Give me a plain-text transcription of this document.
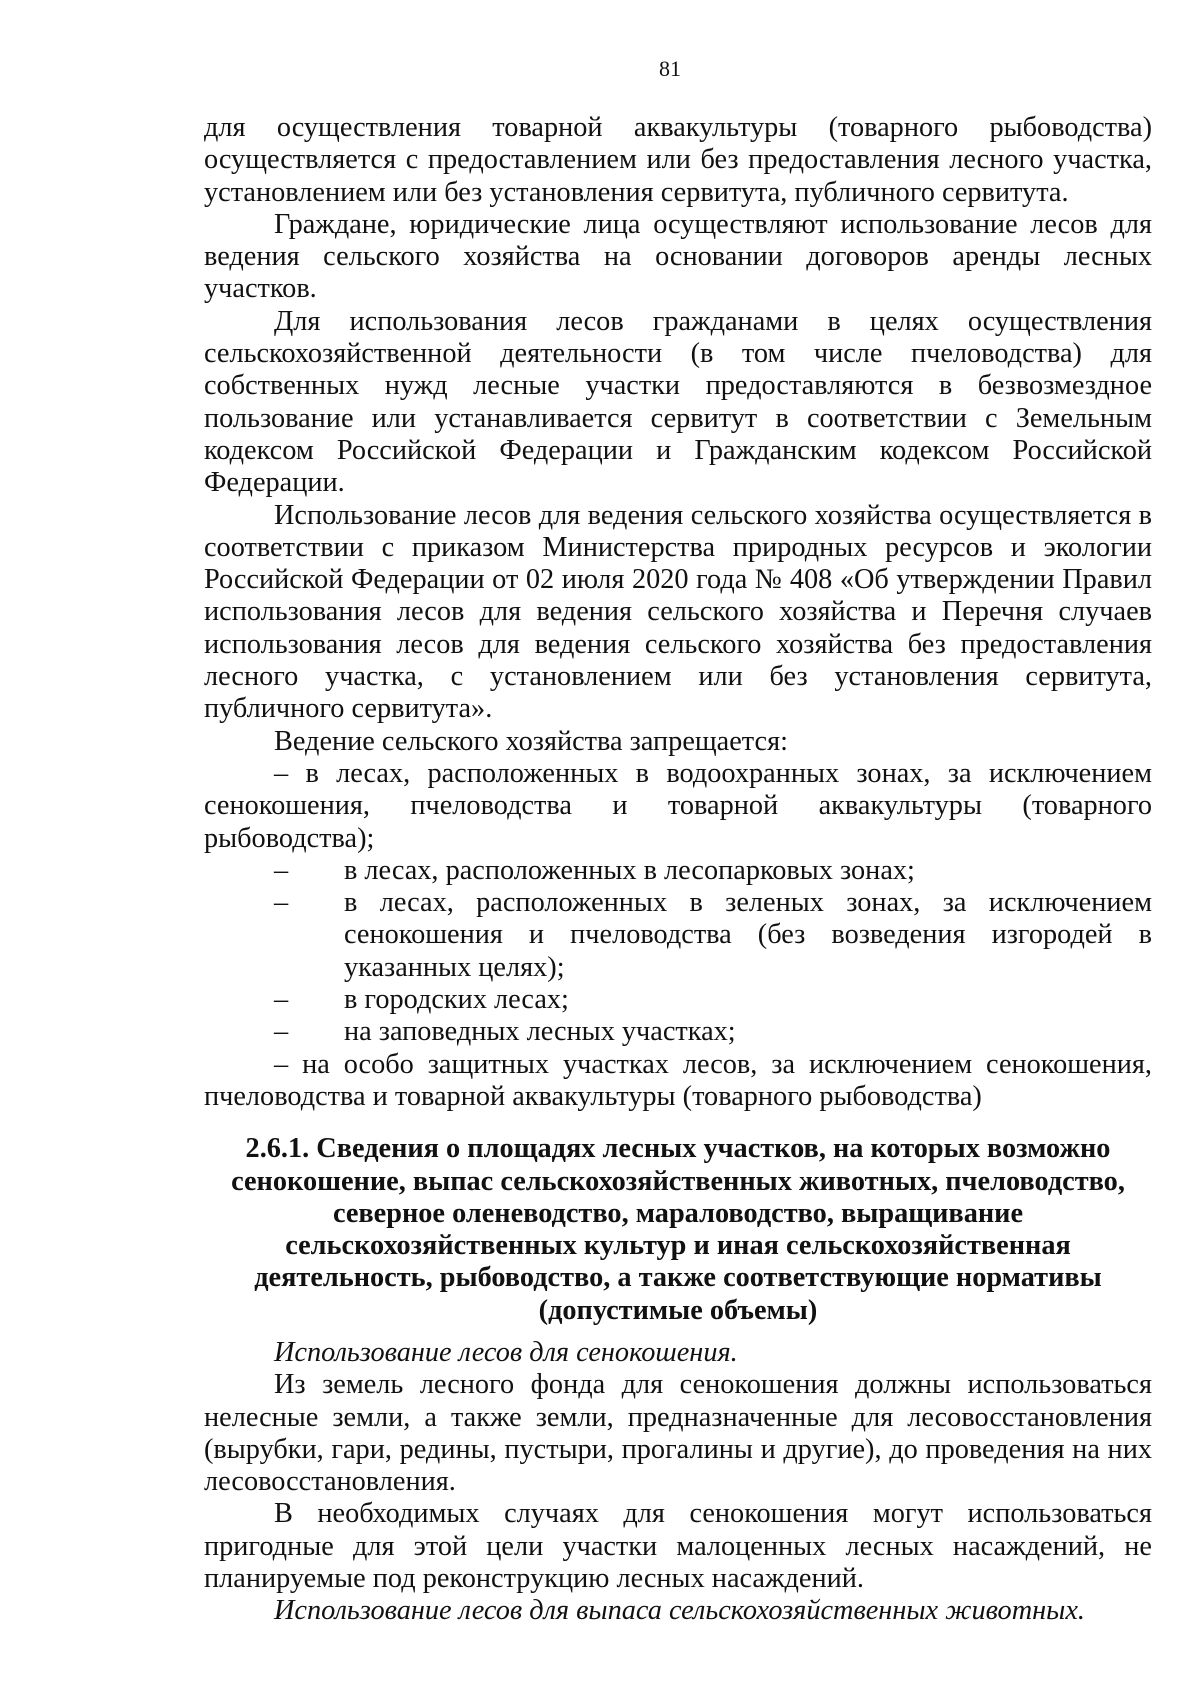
81

для осуществления товарной аквакультуры (товарного рыбоводства) осуществляется с предоставлением или без предоставления лесного участка, установлением или без установления сервитута, публичного сервитута.

Граждане, юридические лица осуществляют использование лесов для ведения сельского хозяйства на основании договоров аренды лесных участков.

Для использования лесов гражданами в целях осуществления сельскохозяйственной деятельности (в том числе пчеловодства) для собственных нужд лесные участки предоставляются в безвозмездное пользование или устанавливается сервитут в соответствии с Земельным кодексом Российской Федерации и Гражданским кодексом Российской Федерации.

Использование лесов для ведения сельского хозяйства осуществляется в соответствии с приказом Министерства природных ресурсов и экологии Российской Федерации от 02 июля 2020 года № 408 «Об утверждении Правил использования лесов для ведения сельского хозяйства и Перечня случаев использования лесов для ведения сельского хозяйства без предоставления лесного участка, с установлением или без установления сервитута, публичного сервитута».

Ведение сельского хозяйства запрещается:

– в лесах, расположенных в водоохранных зонах, за исключением сенокошения, пчеловодства и товарной аквакультуры (товарного рыбоводства);

– в лесах, расположенных в лесопарковых зонах;

– в лесах, расположенных в зеленых зонах, за исключением сенокошения и пчеловодства (без возведения изгородей в указанных целях);

– в городских лесах;

– на заповедных лесных участках;

– на особо защитных участках лесов, за исключением сенокошения, пчеловодства и товарной аквакультуры (товарного рыбоводства)

2.6.1. Сведения о площадях лесных участков, на которых возможно сенокошение, выпас сельскохозяйственных животных, пчеловодство, северное оленеводство, мараловодство, выращивание сельскохозяйственных культур и иная сельскохозяйственная деятельность, рыбоводство, а также соответствующие нормативы (допустимые объемы)

Использование лесов для сенокошения.

Из земель лесного фонда для сенокошения должны использоваться нелесные земли, а также земли, предназначенные для лесовосстановления (вырубки, гари, редины, пустыри, прогалины и другие), до проведения на них лесовосстановления.

В необходимых случаях для сенокошения могут использоваться пригодные для этой цели участки малоценных лесных насаждений, не планируемые под реконструкцию лесных насаждений.

Использование лесов для выпаса сельскохозяйственных животных.
